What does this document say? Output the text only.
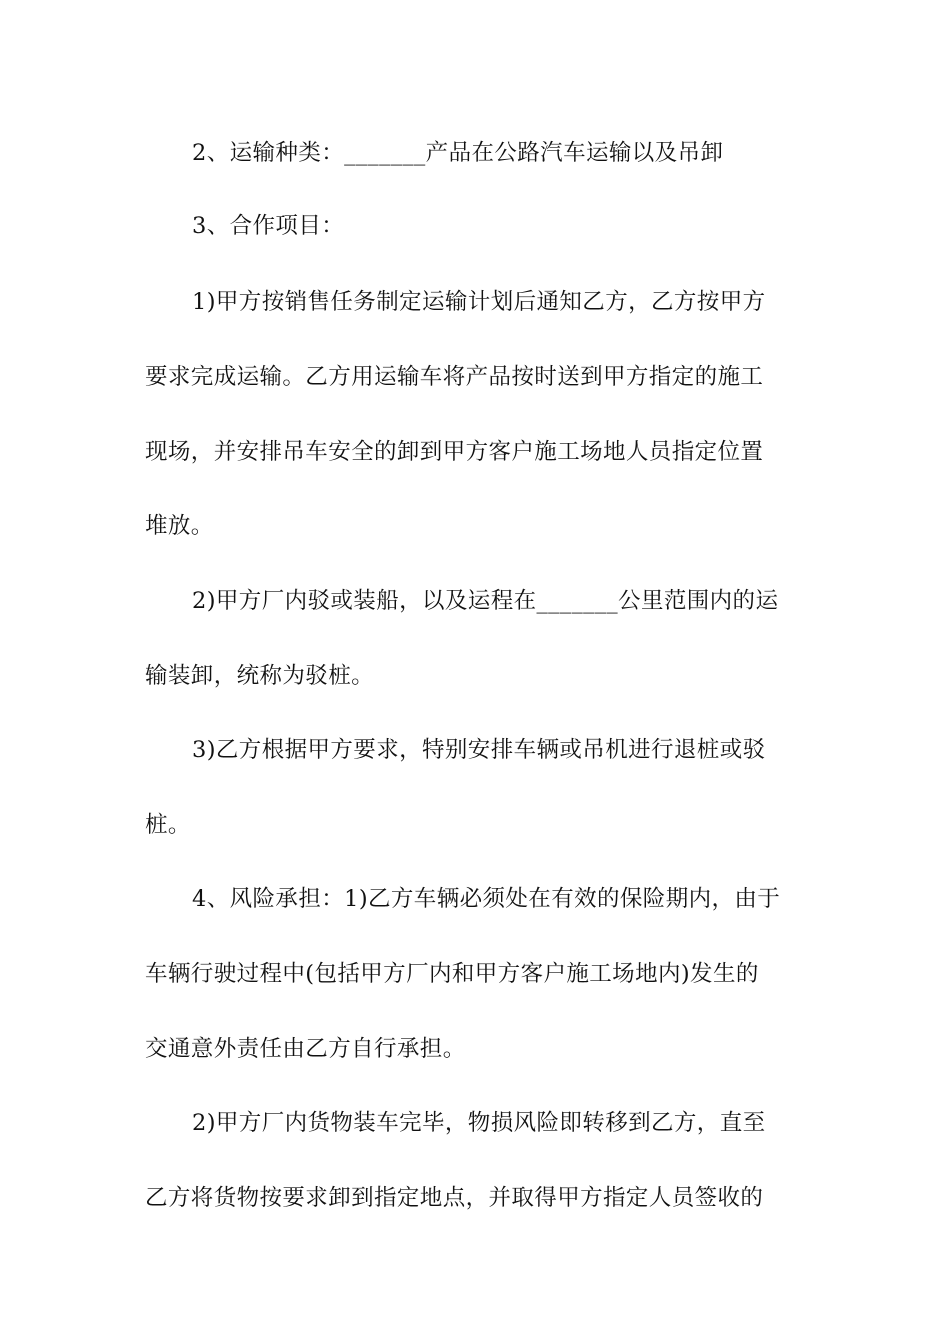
2、运输种类：_______产品在公路汽车运输以及吊卸
3、合作项目：
1)甲方按销售任务制定运输计划后通知乙方，乙方按甲方
要求完成运输。乙方用运输车将产品按时送到甲方指定的施工
现场，并安排吊车安全的卸到甲方客户施工场地人员指定位置
堆放。
2)甲方厂内驳或装船，以及运程在_______公里范围内的运
输装卸，统称为驳桩。
3)乙方根据甲方要求，特别安排车辆或吊机进行退桩或驳
桩。
4、风险承担：1)乙方车辆必须处在有效的保险期内，由于
车辆行驶过程中(包括甲方厂内和甲方客户施工场地内)发生的
交通意外责任由乙方自行承担。
2)甲方厂内货物装车完毕，物损风险即转移到乙方，直至
乙方将货物按要求卸到指定地点，并取得甲方指定人员签收的
